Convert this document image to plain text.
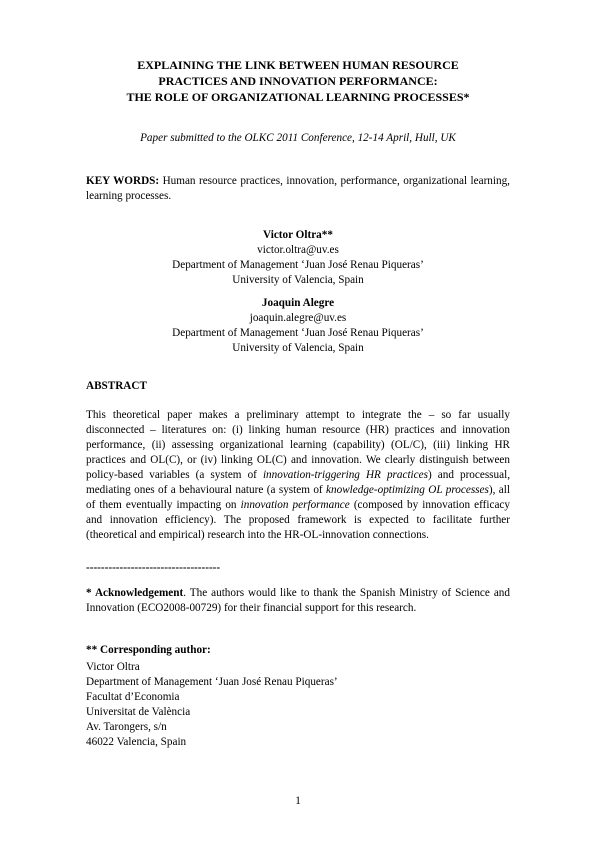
EXPLAINING THE LINK BETWEEN HUMAN RESOURCE
PRACTICES AND INNOVATION PERFORMANCE:
THE ROLE OF ORGANIZATIONAL LEARNING PROCESSES*
Paper submitted to the OLKC 2011 Conference, 12-14 April, Hull, UK
KEY WORDS: Human resource practices, innovation, performance, organizational learning, learning processes.
Victor Oltra**
victor.oltra@uv.es
Department of Management ‘Juan José Renau Piqueras’
University of Valencia, Spain
Joaquin Alegre
joaquin.alegre@uv.es
Department of Management ‘Juan José Renau Piqueras’
University of Valencia, Spain
ABSTRACT
This theoretical paper makes a preliminary attempt to integrate the – so far usually disconnected – literatures on: (i) linking human resource (HR) practices and innovation performance, (ii) assessing organizational learning (capability) (OL/C), (iii) linking HR practices and OL(C), or (iv) linking OL(C) and innovation. We clearly distinguish between policy-based variables (a system of innovation-triggering HR practices) and processual, mediating ones of a behavioural nature (a system of knowledge-optimizing OL processes), all of them eventually impacting on innovation performance (composed by innovation efficacy and innovation efficiency). The proposed framework is expected to facilitate further (theoretical and empirical) research into the HR-OL-innovation connections.
------------------------------------
* Acknowledgement. The authors would like to thank the Spanish Ministry of Science and Innovation (ECO2008-00729) for their financial support for this research.
** Corresponding author:
Victor Oltra
Department of Management ‘Juan José Renau Piqueras’
Facultat d’Economia
Universitat de València
Av. Tarongers, s/n
46022 Valencia, Spain
1
